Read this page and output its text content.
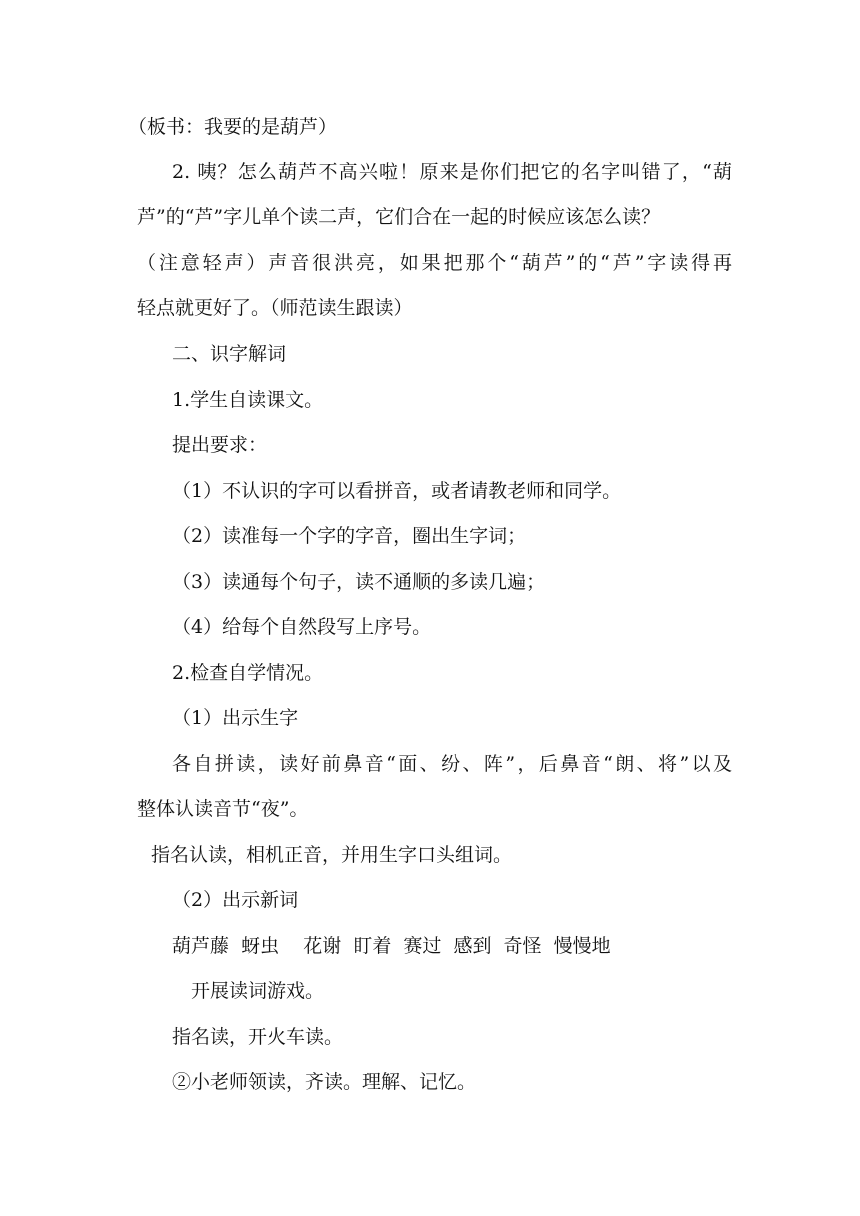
（板书：我要的是葫芦）

2. 咦？怎么葫芦不高兴啦！原来是你们把它的名字叫错了，“葫

芦”的“芦”字儿单个读二声，它们合在一起的时候应该怎么读？

（注意轻声）声音很洪亮，如果把那个“葫芦”的“芦”字读得再

轻点就更好了。（师范读生跟读）

二、识字解词

1.学生自读课文。

提出要求：

（1）不认识的字可以看拼音，或者请教老师和同学。

（2）读准每一个字的字音，圈出生字词；

（3）读通每个句子，读不通顺的多读几遍；

（4）给每个自然段写上序号。

2.检查自学情况。

（1）出示生字

各自拼读，读好前鼻音“面、纷、阵”，后鼻音“朗、将”以及

整体认读音节“夜”。

指名认读，相机正音，并用生字口头组词。

（2）出示新词

葫芦藤  蚜虫    花谢  盯着  赛过  感到  奇怪  慢慢地

开展读词游戏。

指名读，开火车读。

②小老师领读，齐读。理解、记忆。
